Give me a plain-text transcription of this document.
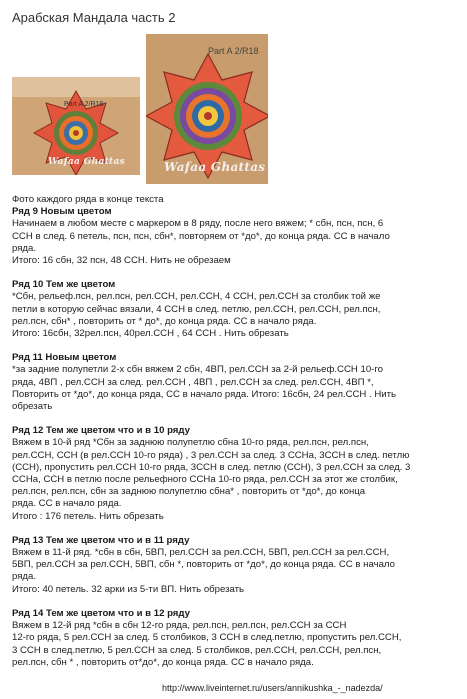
Арабская Мандала часть 2
Part A 2/R18
Wafaa Ghattas
Part A 2/R18
Wafaa Ghattas

Фото каждого ряда в конце текста

Ряд 9 Новым цветом

Начинаем в любом месте с маркером в 8 ряду, после него вяжем; * сбн, псн, псн, 6

ССН в след. 6 петель, псн, псн, сбн*, повторяем от *до*, до конца ряда. СС в начало

ряда.

Итого: 16 сбн, 32 псн, 48 ССН. Нить не обрезаем

Ряд 10 Тем же цветом

*Сбн, рельеф.псн, рел.псн, рел.ССН, рел.ССН, 4 ССН, рел.ССН за столбик той же

петли в которую сейчас вязали, 4 ССН в след. петлю, рел.ССН, рел.ССН, рел.псн,

рел.псн, сбн* , повторить от * до*, до конца ряда. СС в начало ряда.

Итого: 16сбн, 32рел.псн, 40рел.ССН , 64 ССН . Нить обрезать

Ряд 11 Новым цветом

*за задние полупетли 2-х сбн вяжем 2 сбн, 4ВП, рел.ССН за 2-й рельеф.ССН 10-го

ряда, 4ВП , рел.ССН за след. рел.ССН , 4ВП , рел.ССН за след. рел.ССН, 4ВП *,

Повторить от *до*, до конца ряда, СС в начало ряда. Итого: 16сбн, 24 рел.ССН . Нить

обрезать

Ряд 12 Тем же цветом что и в 10 ряду

Вяжем в 10-й ряд *Сбн за заднюю полупетлю сбна 10-го ряда, рел.псн, рел.псн,

рел.ССН, ССН (в рел.ССН 10-го ряда) , 3 рел.ССН за след. 3 ССНа, 3ССН в след. петлю

(ССН), пропустить рел.ССН 10-го ряда, 3ССН в след. петлю (ССН), 3 рел.ССН за след. 3

ССНа, ССН в петлю после рельефного ССНа 10-го ряда, рел.ССН за этот же столбик,

рел.псн, рел.псн, сбн за заднюю полупетлю сбна* , повторить от *до*, до конца

ряда. СС в начало ряда.

Итого : 176 петель. Нить обрезать

Ряд 13 Тем же цветом что и в 11 ряду

Вяжем в 11-й ряд. *сбн в сбн, 5ВП, рел.ССН за рел.ССН, 5ВП, рел.ССН за рел.ССН,

5ВП, рел.ССН за рел.ССН, 5ВП, сбн *, повторить от *до*, до конца ряда. СС в начало

ряда.

Итого: 40 петель. 32 арки из 5-ти ВП. Нить обрезать

Ряд 14 Тем же цветом что и в 12 ряду

Вяжем в 12-й ряд *сбн в сбн 12-го ряда, рел.псн, рел.псн, рел.ССН за ССН

12-го ряда, 5 рел.ССН за след. 5 столбиков, 3 ССН в след.петлю, пропустить рел.ССН,

3 ССН в след.петлю, 5 рел.ССН за след. 5 столбиков, рел.ССН, рел.ССН, рел.псн,

рел.псн, сбн * , повторить от*до*, до конца ряда. СС в начало ряда.

http://www.liveinternet.ru/users/annikushka_-_nadezda/
